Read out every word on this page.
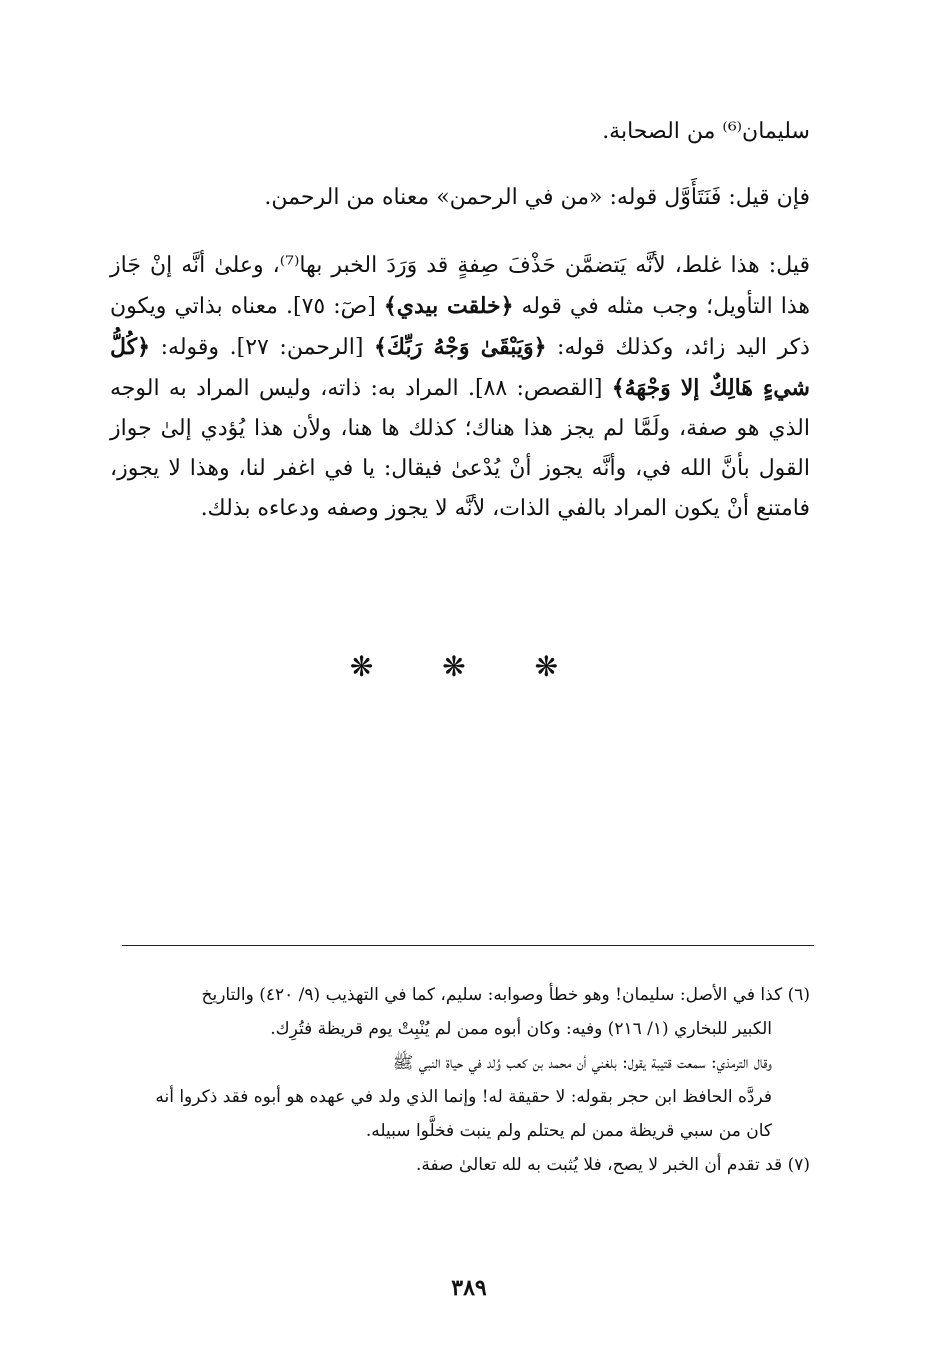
سليمان⁽⁶⁾ من الصحابة.
فإن قيل: فَنَتَأَوَّل قوله: «من في الرحمن» معناه من الرحمن.

قيل: هذا غلط، لأنَّه يَتضمَّن حَذْفَ صِفةٍ قد وَرَدَ الخبر بها⁽⁷⁾، وعلىٰ أنَّه إنْ جَاز هذا التأويل؛ وجب مثله في قوله ﴿خلقت بيدي﴾ [صٓ: ٧٥]. معناه بذاتي ويكون ذكر اليد زائد، وكذلك قوله: ﴿وَيَبْقَىٰ وَجْهُ رَبِّكَ﴾ [الرحمن: ٢٧]. وقوله: ﴿كُلُّ شيءٍ هَالِكٌ إلا وَجْهَهُ﴾ [القصص: ٨٨]. المراد به: ذاته، وليس المراد به الوجه الذي هو صفة، ولَمَّا لم يجز هذا هناك؛ كذلك ها هنا، ولأن هذا يُؤدي إلىٰ جواز القول بأنَّ الله في، وأنَّه يجوز أنْ يُدْعىٰ فيقال: يا في اغفر لنا، وهذا لا يجوز، فامتنع أنْ يكون المراد بالفي الذات، لأنَّه لا يجوز وصفه ودعاءه بذلك.

❋ ❋ ❋

(٦) كذا في الأصل: سليمان! وهو خطأ وصوابه: سليم، كما في التهذيب (٩/ ٤٢٠) والتاريخ

الكبير للبخاري (١/ ٢١٦) وفيه: وكان أبوه ممن لم يُنْبِتْ يوم قريظة فتُرِك.

وقال الترمذي: سمعت قتيبة يقول: بلغني أن محمد بن كعب وُلد في حياة النبي ﷺ

فردَّه الحافظ ابن حجر بقوله: لا حقيقة له! وإنما الذي ولد في عهده هو أبوه فقد ذكروا أنه

كان من سبي قريظة ممن لم يحتلم ولم ينبت فخلَّوا سبيله.

(٧) قد تقدم أن الخبر لا يصح، فلا يُثبت به لله تعالىٰ صفة.

٣٨٩
